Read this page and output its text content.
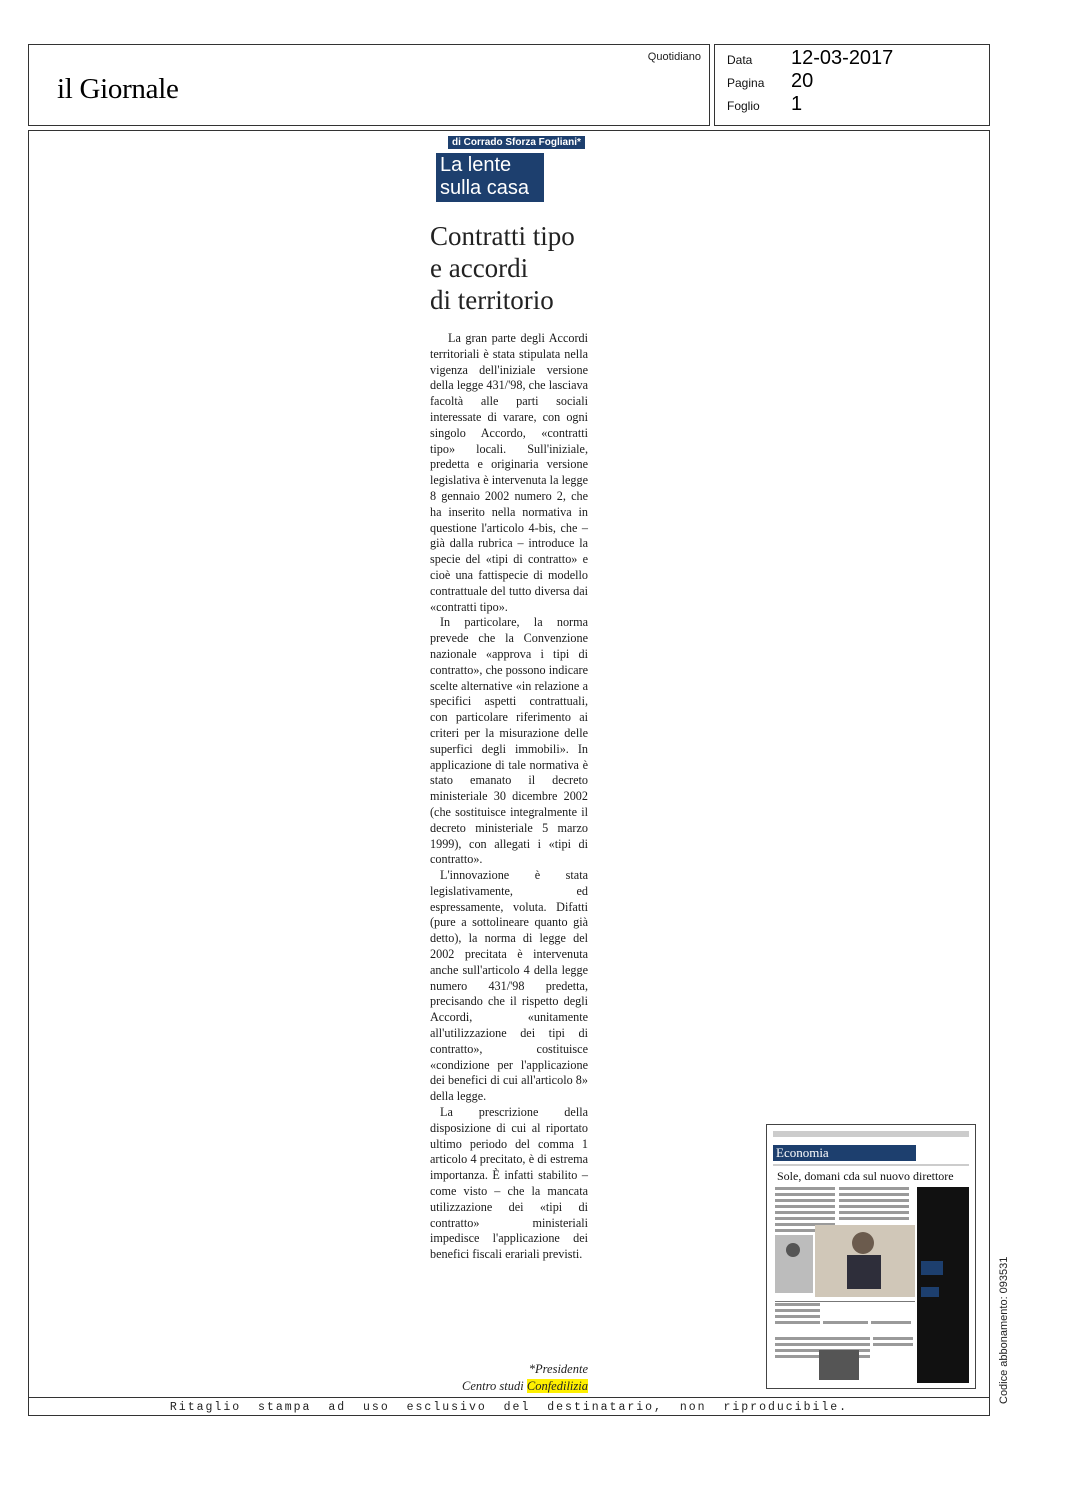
il Giornale
Quotidiano Data 12-03-2017
Pagina 20
Foglio 1
Ritaglio stampa ad uso esclusivo del destinatario, non riproducibile.
di Corrado Sforza Fogliani*
La lente
sulla casa
Contratti tipo
e accordi
di territorio

La gran parte degli Accordi territoriali è stata stipulata nella vigenza dell'iniziale versione della legge 431/'98, che lasciava facoltà alle parti sociali interessate di varare, con ogni singolo Accordo, «contratti tipo» locali. Sull'iniziale, predetta e originaria versione legislativa è intervenuta la legge 8 gennaio 2002 numero 2, che ha inserito nella normativa in questione l'articolo 4-bis, che – già dalla rubrica – introduce la specie del «tipi di contratto» e cioè una fattispecie di modello contrattuale del tutto diversa dai «contratti tipo».

In particolare, la norma prevede che la Convenzione nazionale «approva i tipi di contratto», che possono indicare scelte alternative «in relazione a specifici aspetti contrattuali, con particolare riferimento ai criteri per la misurazione delle superfici degli immobili». In applicazione di tale normativa è stato emanato il decreto ministeriale 30 dicembre 2002 (che sostituisce integralmente il decreto ministeriale 5 marzo 1999), con allegati i «tipi di contratto».

L'innovazione è stata legislativamente, ed espressamente, voluta. Difatti (pure a sottolineare quanto già detto), la norma di legge del 2002 precitata è intervenuta anche sull'articolo 4 della legge numero 431/'98 predetta, precisando che il rispetto degli Accordi, «unitamente all'utilizzazione dei tipi di contratto», costituisce «condizione per l'applicazione dei benefici di cui all'articolo 8» della legge.

La prescrizione della disposizione di cui al riportato ultimo periodo del comma 1 articolo 4 precitato, è di estrema importanza. È infatti stabilito – come visto – che la mancata utilizzazione dei «tipi di contratto» ministeriali impedisce l'applicazione dei benefici fiscali erariali previsti.

*Presidente
Centro studi Confedilizia
Economia
Sole, domani cda sul nuovo direttore
Codice abbonamento: 093531
